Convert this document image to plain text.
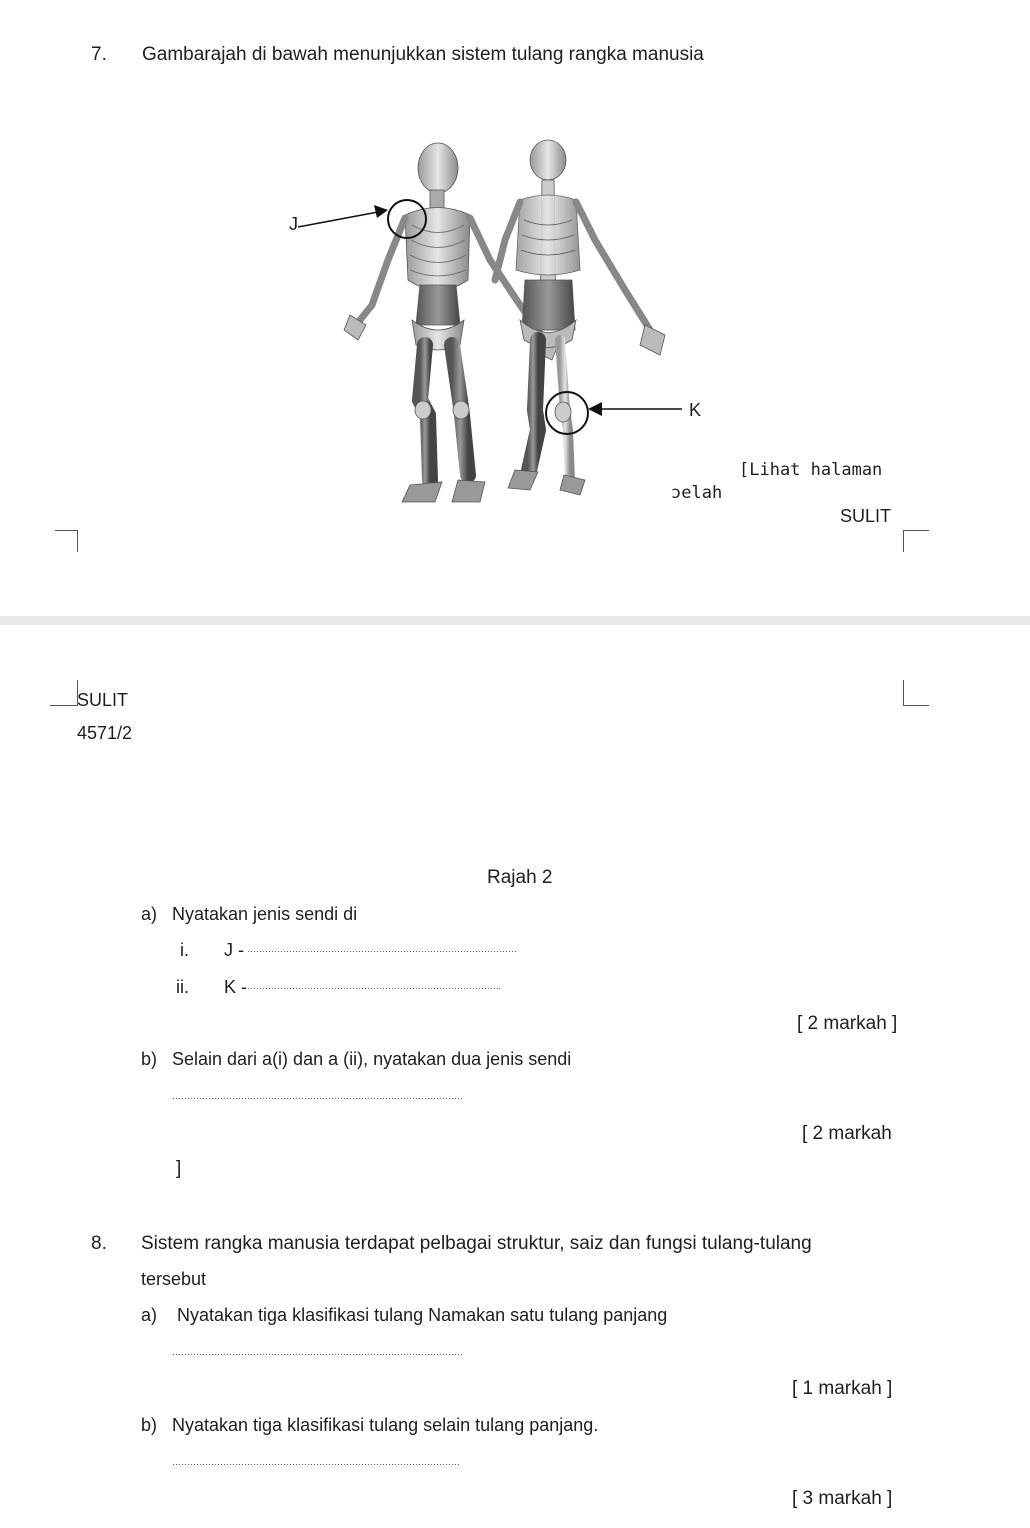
7. Gambarajah di bawah menunjukkan sistem tulang rangka manusia
J
K
[Lihat halaman
ɔelah
SULIT
SULIT
4571/2
Rajah 2
a) Nyatakan jenis sendi di
i. J - ………………………………………………………………………………
ii. K -
…………………………………………………………………………..
[ 2 markah ]
b) Selain dari a(i) dan a (ii), nyatakan dua jenis sendi
…………………………………………………………………………………….
[ 2 markah
]
8. Sistem rangka manusia terdapat pelbagai struktur, saiz dan fungsi tulang-tulang
tersebut
a) Nyatakan tiga klasifikasi tulang Namakan satu tulang panjang
…………………………………………………………………………………….
[ 1 markah ]
b) Nyatakan tiga klasifikasi tulang selain tulang panjang.
……………………………………………………………………………………
[ 3 markah ]
